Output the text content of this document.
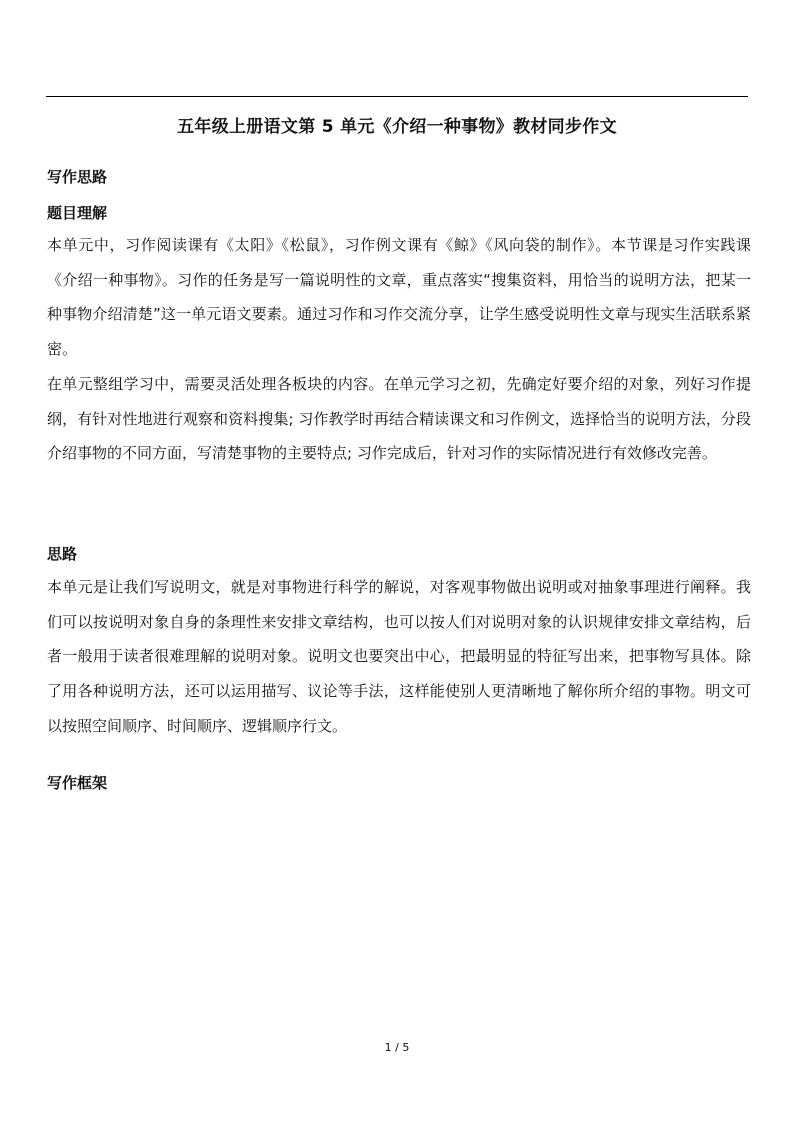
五年级上册语文第 5 单元《介绍一种事物》教材同步作文
写作思路
题目理解
本单元中，习作阅读课有《太阳》《松鼠》，习作例文课有《鲸》《风向袋的制作》。本节课是习作实践课《介绍一种事物》。习作的任务是写一篇说明性的文章，重点落实“搜集资料，用恰当的说明方法，把某一种事物介绍清楚”这一单元语文要素。通过习作和习作交流分享，让学生感受说明性文章与现实生活联系紧密。
在单元整组学习中，需要灵活处理各板块的内容。在单元学习之初，先确定好要介绍的对象，列好习作提纲，有针对性地进行观察和资料搜集; 习作教学时再结合精读课文和习作例文，选择恰当的说明方法，分段介绍事物的不同方面，写清楚事物的主要特点; 习作完成后，针对习作的实际情况进行有效修改完善。
思路
本单元是让我们写说明文，就是对事物进行科学的解说，对客观事物做出说明或对抽象事理进行阐释。我们可以按说明对象自身的条理性来安排文章结构，也可以按人们对说明对象的认识规律安排文章结构，后者一般用于读者很难理解的说明对象。说明文也要突出中心，把最明显的特征写出来，把事物写具体。除了用各种说明方法，还可以运用描写、议论等手法，这样能使别人更清晰地了解你所介绍的事物。明文可以按照空间顺序、时间顺序、逻辑顺序行文。
写作框架
1 / 5
